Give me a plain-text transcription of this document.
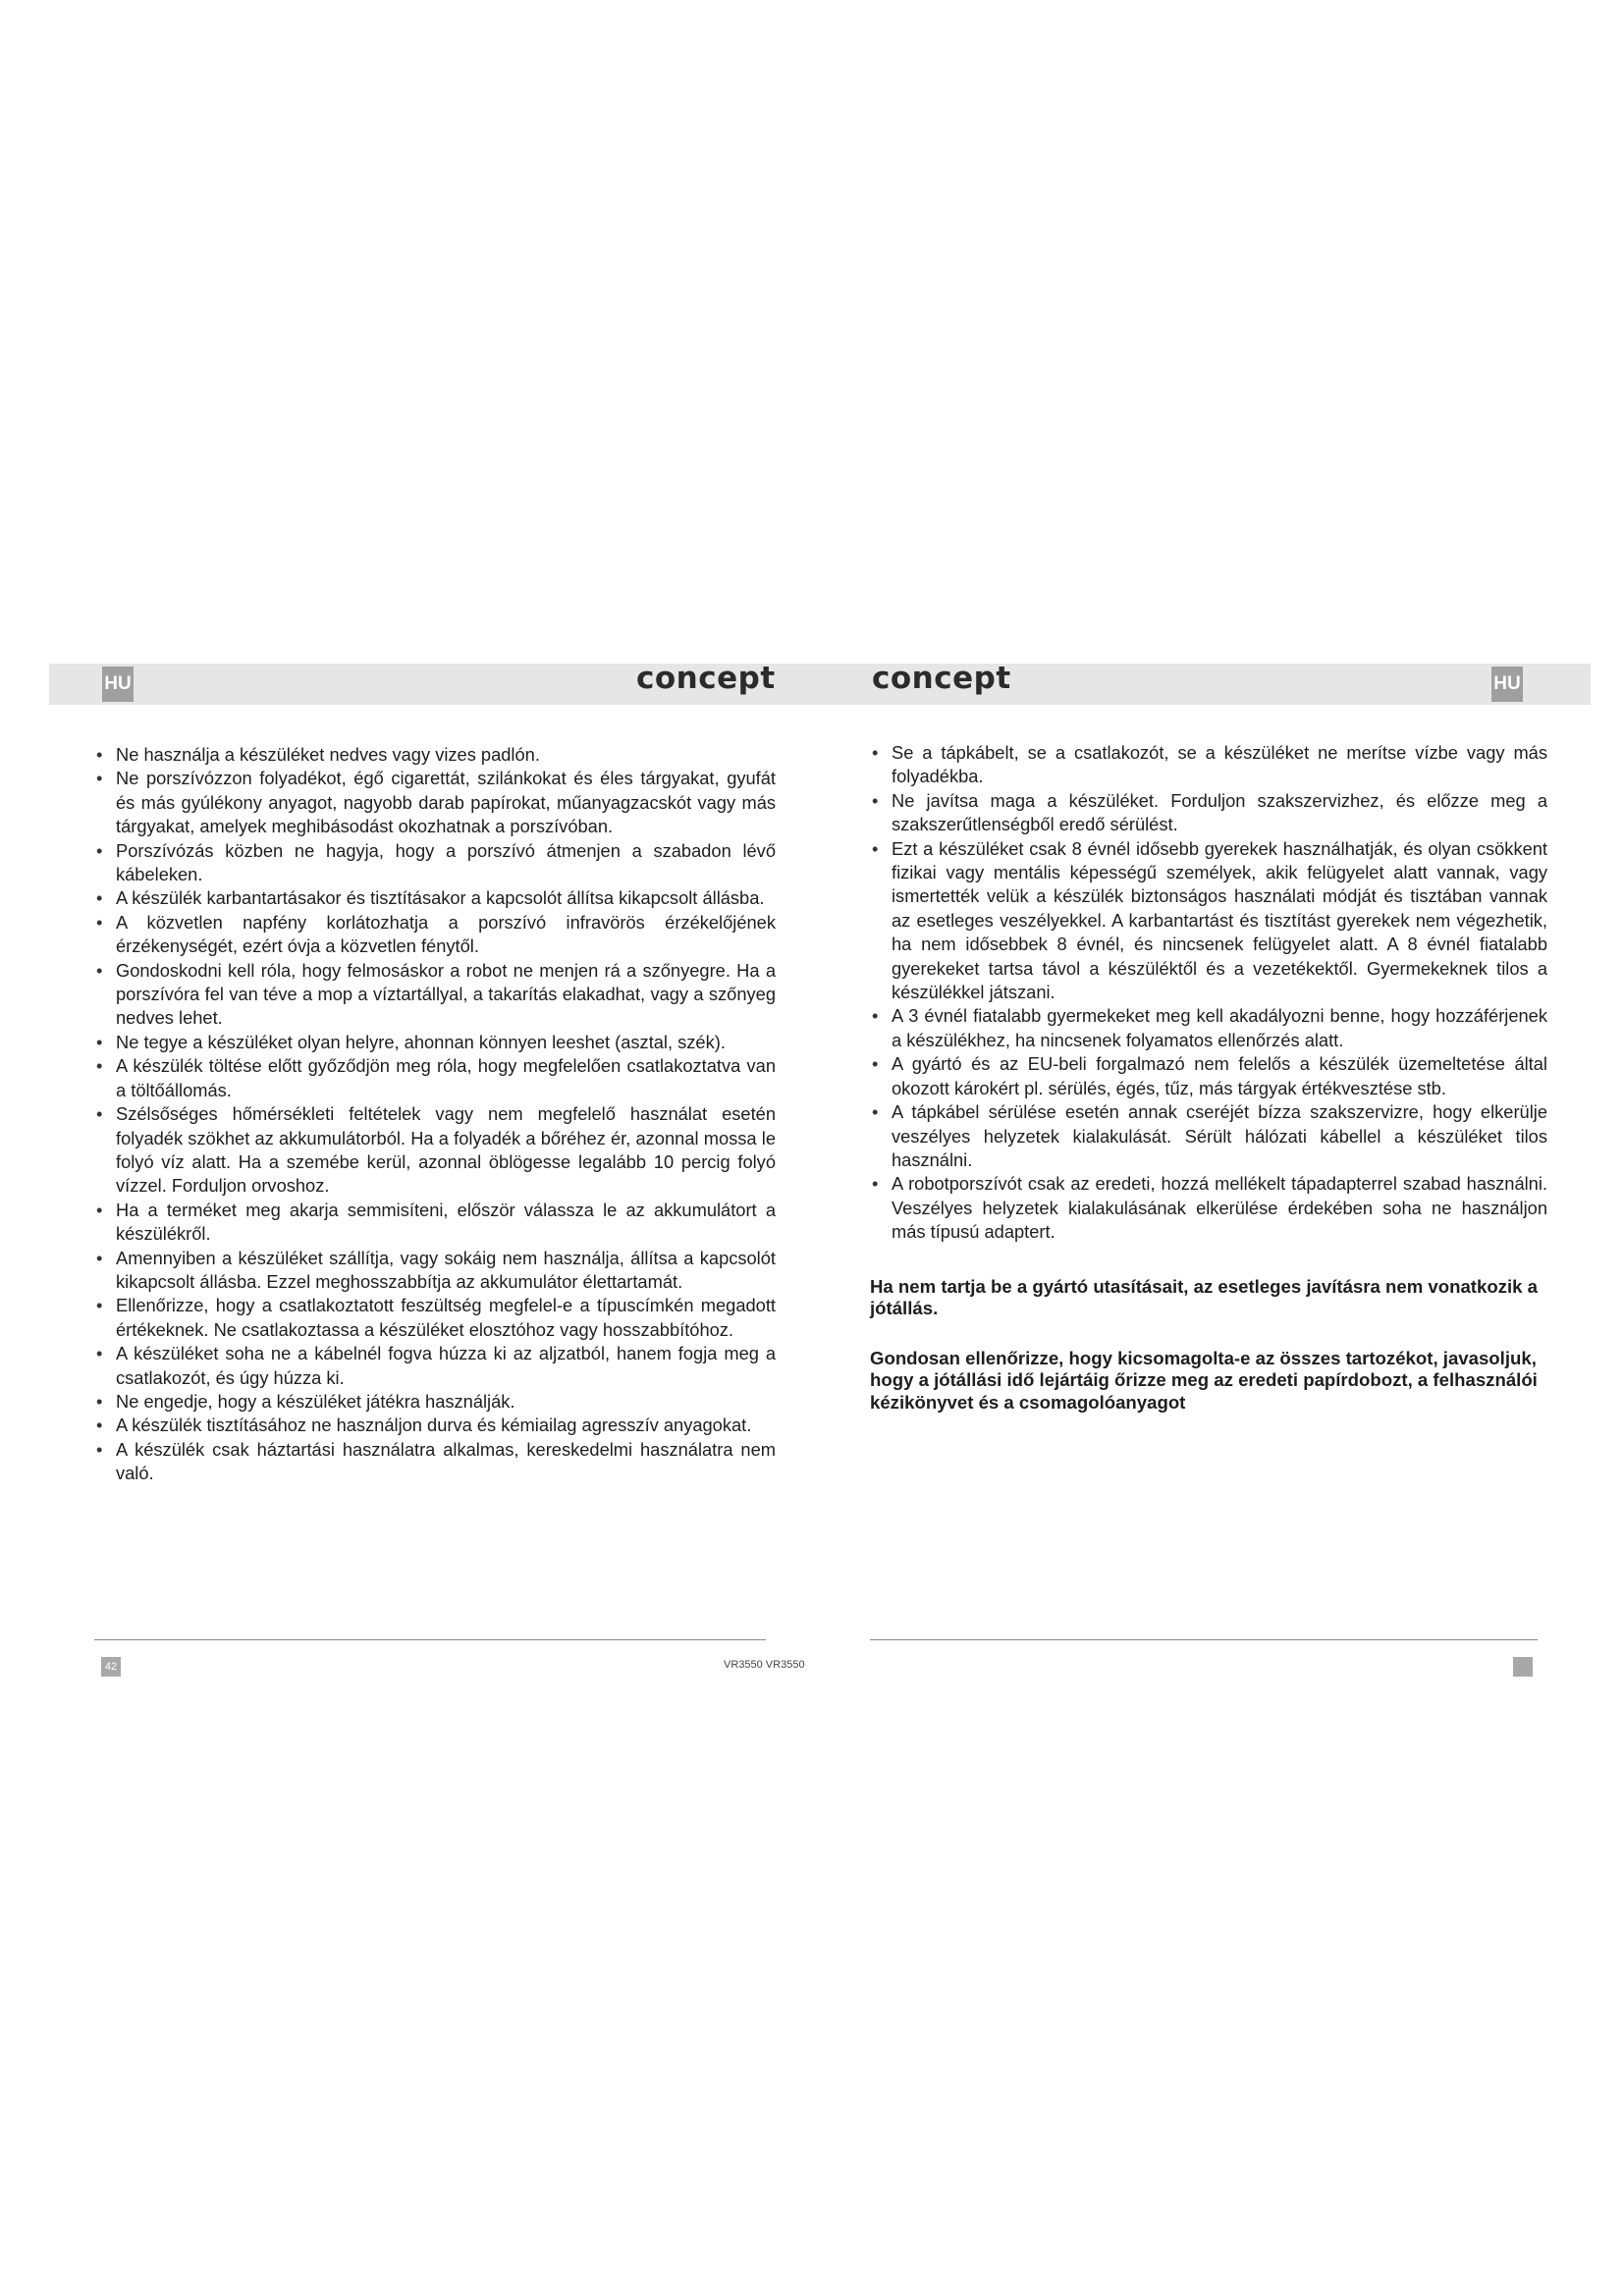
HU	concept	concept	HU
• Ne használja a készüléket nedves vagy vizes padlón.
• Ne porszívózzon folyadékot, égő cigarettát, szilánkokat és éles tárgyakat, gyufát és más gyúlékony anyagot, nagyobb darab papírokat, műanyagzacskót vagy más tárgyakat, amelyek meghibásodást okozhatnak a porszívóban.
• Porszívózás közben ne hagyja, hogy a porszívó átmenjen a szabadon lévő kábeleken.
• A készülék karbantartásakor és tisztításakor a kapcsolót állítsa kikapcsolt állásba.
• A közvetlen napfény korlátozhatja a porszívó infravörös érzékelőjének érzékenységét, ezért óvja a közvetlen fénytől.
• Gondoskodni kell róla, hogy felmosáskor a robot ne menjen rá a szőnyegre. Ha a porszívóra fel van téve a mop a víztartállyal, a takarítás elakadhat, vagy a szőnyeg nedves lehet.
• Ne tegye a készüléket olyan helyre, ahonnan könnyen leeshet (asztal, szék).
• A készülék töltése előtt győződjön meg róla, hogy megfelelően csatlakoztatva van a töltőállomás.
• Szélsőséges hőmérsékleti feltételek vagy nem megfelelő használat esetén folyadék szökhet az akkumulátorból. Ha a folyadék a bőréhez ér, azonnal mossa le folyó víz alatt. Ha a szemébe kerül, azonnal öblögesse legalább 10 percig folyó vízzel. Forduljon orvoshoz.
• Ha a terméket meg akarja semmisíteni, először válassza le az akkumulátort a készülékről.
• Amennyiben a készüléket szállítja, vagy sokáig nem használja, állítsa a kapcsolót kikapcsolt állásba. Ezzel meghosszabbítja az akkumulátor élettartamát.
• Ellenőrizze, hogy a csatlakoztatott feszültség megfelel-e a típuscímkén megadott értékeknek. Ne csatlakoztassa a készüléket elosztóhoz vagy hosszabbítóhoz.
• A készüléket soha ne a kábelnél fogva húzza ki az aljzatból, hanem fogja meg a csatlakozót, és úgy húzza ki.
• Ne engedje, hogy a készüléket játékra használják.
• A készülék tisztításához ne használjon durva és kémiailag agresszív anyagokat.
• A készülék csak háztartási használatra alkalmas, kereskedelmi használatra nem való.
• Se a tápkábelt, se a csatlakozót, se a készüléket ne merítse vízbe vagy más folyadékba.
• Ne javítsa maga a készüléket. Forduljon szakszervizhez, és előzze meg a szakszerűtlenségből eredő sérülést.
• Ezt a készüléket csak 8 évnél idősebb gyerekek használhatják, és olyan csökkent fizikai vagy mentális képességű személyek, akik felügyelet alatt vannak, vagy ismertették velük a készülék biztonságos használati módját és tisztában vannak az esetleges veszélyekkel. A karbantartást és tisztítást gyerekek nem végezhetik, ha nem idősebbek 8 évnél, és nincsenek felügyelet alatt. A 8 évnél fiatalabb gyerekeket tartsa távol a készüléktől és a vezetékektől. Gyermekeknek tilos a készülékkel játszani.
• A 3 évnél fiatalabb gyermekeket meg kell akadályozni benne, hogy hozzáférjenek a készülékhez, ha nincsenek folyamatos ellenőrzés alatt.
• A gyártó és az EU-beli forgalmazó nem felelős a készülék üzemeltetése által okozott károkért pl. sérülés, égés, tűz, más tárgyak értékvesztése stb.
• A tápkábel sérülése esetén annak cseréjét bízza szakszervizre, hogy elkerülje veszélyes helyzetek kialakulását. Sérült hálózati kábellel a készüléket tilos használni.
• A robotporszívót csak az eredeti, hozzá mellékelt tápadapterrel szabad használni. Veszélyes helyzetek kialakulásának elkerülése érdekében soha ne használjon más típusú adaptert.

Ha nem tartja be a gyártó utasításait, az esetleges javításra nem vonatkozik a jótállás.

Gondosan ellenőrizze, hogy kicsomagolta-e az összes tartozékot, javasoljuk, hogy a jótállási idő lejártáig őrizze meg az eredeti papírdobozt, a felhasználói kézikönyvet és a csomagolóanyagot

42	VR3550 VR3550
